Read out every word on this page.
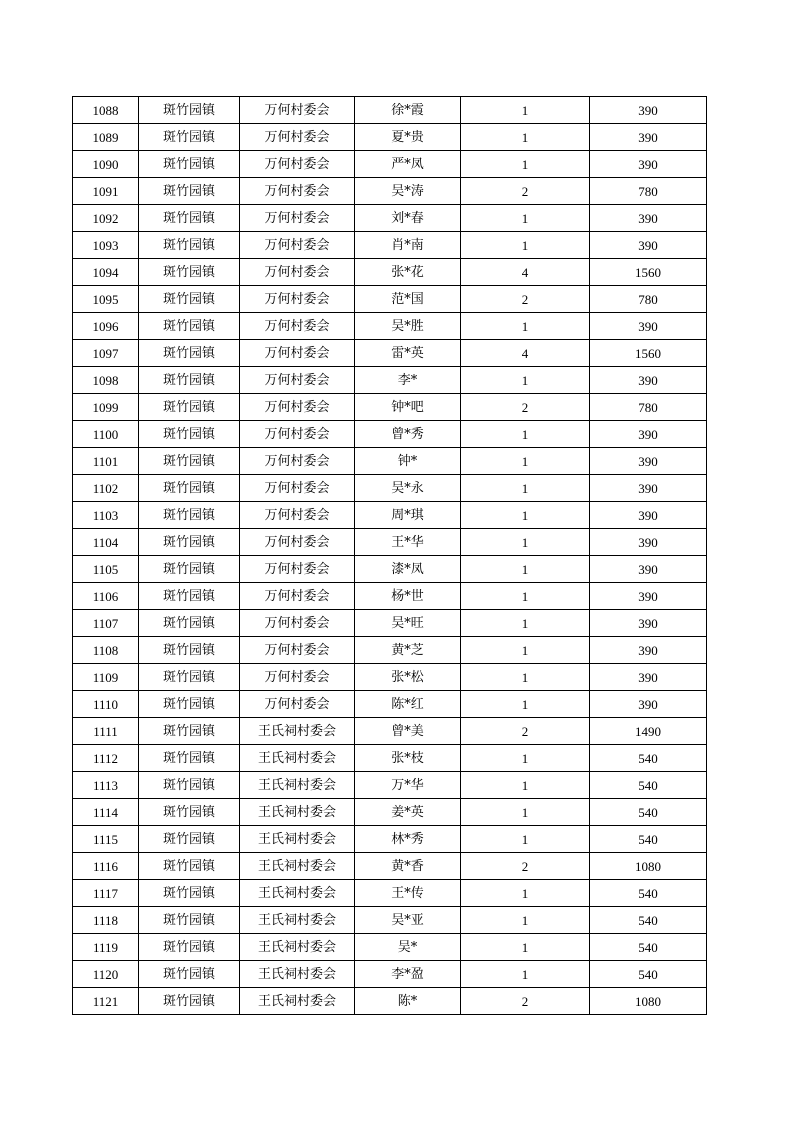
1088	斑竹园镇	万何村委会	徐*霞	1	390
1089	斑竹园镇	万何村委会	夏*贵	1	390
1090	斑竹园镇	万何村委会	严*凤	1	390
1091	斑竹园镇	万何村委会	吴*涛	2	780
1092	斑竹园镇	万何村委会	刘*春	1	390
1093	斑竹园镇	万何村委会	肖*南	1	390
1094	斑竹园镇	万何村委会	张*花	4	1560
1095	斑竹园镇	万何村委会	范*国	2	780
1096	斑竹园镇	万何村委会	吴*胜	1	390
1097	斑竹园镇	万何村委会	雷*英	4	1560
1098	斑竹园镇	万何村委会	李*	1	390
1099	斑竹园镇	万何村委会	钟*吧	2	780
1100	斑竹园镇	万何村委会	曾*秀	1	390
1101	斑竹园镇	万何村委会	钟*	1	390
1102	斑竹园镇	万何村委会	吴*永	1	390
1103	斑竹园镇	万何村委会	周*琪	1	390
1104	斑竹园镇	万何村委会	王*华	1	390
1105	斑竹园镇	万何村委会	漆*凤	1	390
1106	斑竹园镇	万何村委会	杨*世	1	390
1107	斑竹园镇	万何村委会	吴*旺	1	390
1108	斑竹园镇	万何村委会	黄*芝	1	390
1109	斑竹园镇	万何村委会	张*松	1	390
1110	斑竹园镇	万何村委会	陈*红	1	390
1111	斑竹园镇	王氏祠村委会	曾*美	2	1490
1112	斑竹园镇	王氏祠村委会	张*枝	1	540
1113	斑竹园镇	王氏祠村委会	万*华	1	540
1114	斑竹园镇	王氏祠村委会	姜*英	1	540
1115	斑竹园镇	王氏祠村委会	林*秀	1	540
1116	斑竹园镇	王氏祠村委会	黄*香	2	1080
1117	斑竹园镇	王氏祠村委会	王*传	1	540
1118	斑竹园镇	王氏祠村委会	吴*亚	1	540
1119	斑竹园镇	王氏祠村委会	吴*	1	540
1120	斑竹园镇	王氏祠村委会	李*盈	1	540
1121	斑竹园镇	王氏祠村委会	陈*	2	1080
